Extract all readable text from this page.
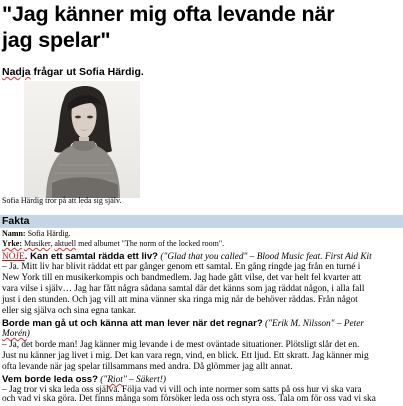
"Jag känner mig ofta levande när
jag spelar"
Nadja frågar ut Sofia Härdig.
Sofia Härdig tror på att leda sig själv.
Fakta
Namn: Sofia Härdig.
Yrke: Musiker, aktuell med albumet "The norm of the locked room".
NÖJE. Kan ett samtal rädda ett liv? ("Glad that you called" – Blood Music feat. First Aid Kit
– Ja. Mitt liv har blivit räddat ett par gånger genom ett samtal. En gång ringde jag från en turné i
New York till en musikerkompis och bandmedlem. Jag hade gått vilse, det var helt fel kvarter att
vara vilse i själv… Jag har fått några sådana samtal där det känns som jag räddat någon, i alla fall
just i den stunden. Och jag vill att mina vänner ska ringa mig när de behöver räddas. Från något
eller sig själva och sina egna tankar.
Borde man gå ut och känna att man lever när det regnar? ("Erik M. Nilsson" – Peter
Morén)
– Ja, det borde man! Jag känner mig levande i de mest oväntade situationer. Plötsligt slår det en.
Just nu känner jag livet i mig. Det kan vara regn, vind, en blick. Ett ljud. Ett skratt. Jag känner mig
ofta levande när jag spelar tillsammans med andra. Då glömmer jag allt annat.
Vem borde leda oss? ("Riot" – Säkert!)
– Jag tror vi ska leda oss själva. Följa vad vi vill och inte normer som satts på oss hur vi ska vara
och vad vi ska göra. Det finns många som försöker leda oss och styra oss. Tala om för oss vad vi ska
